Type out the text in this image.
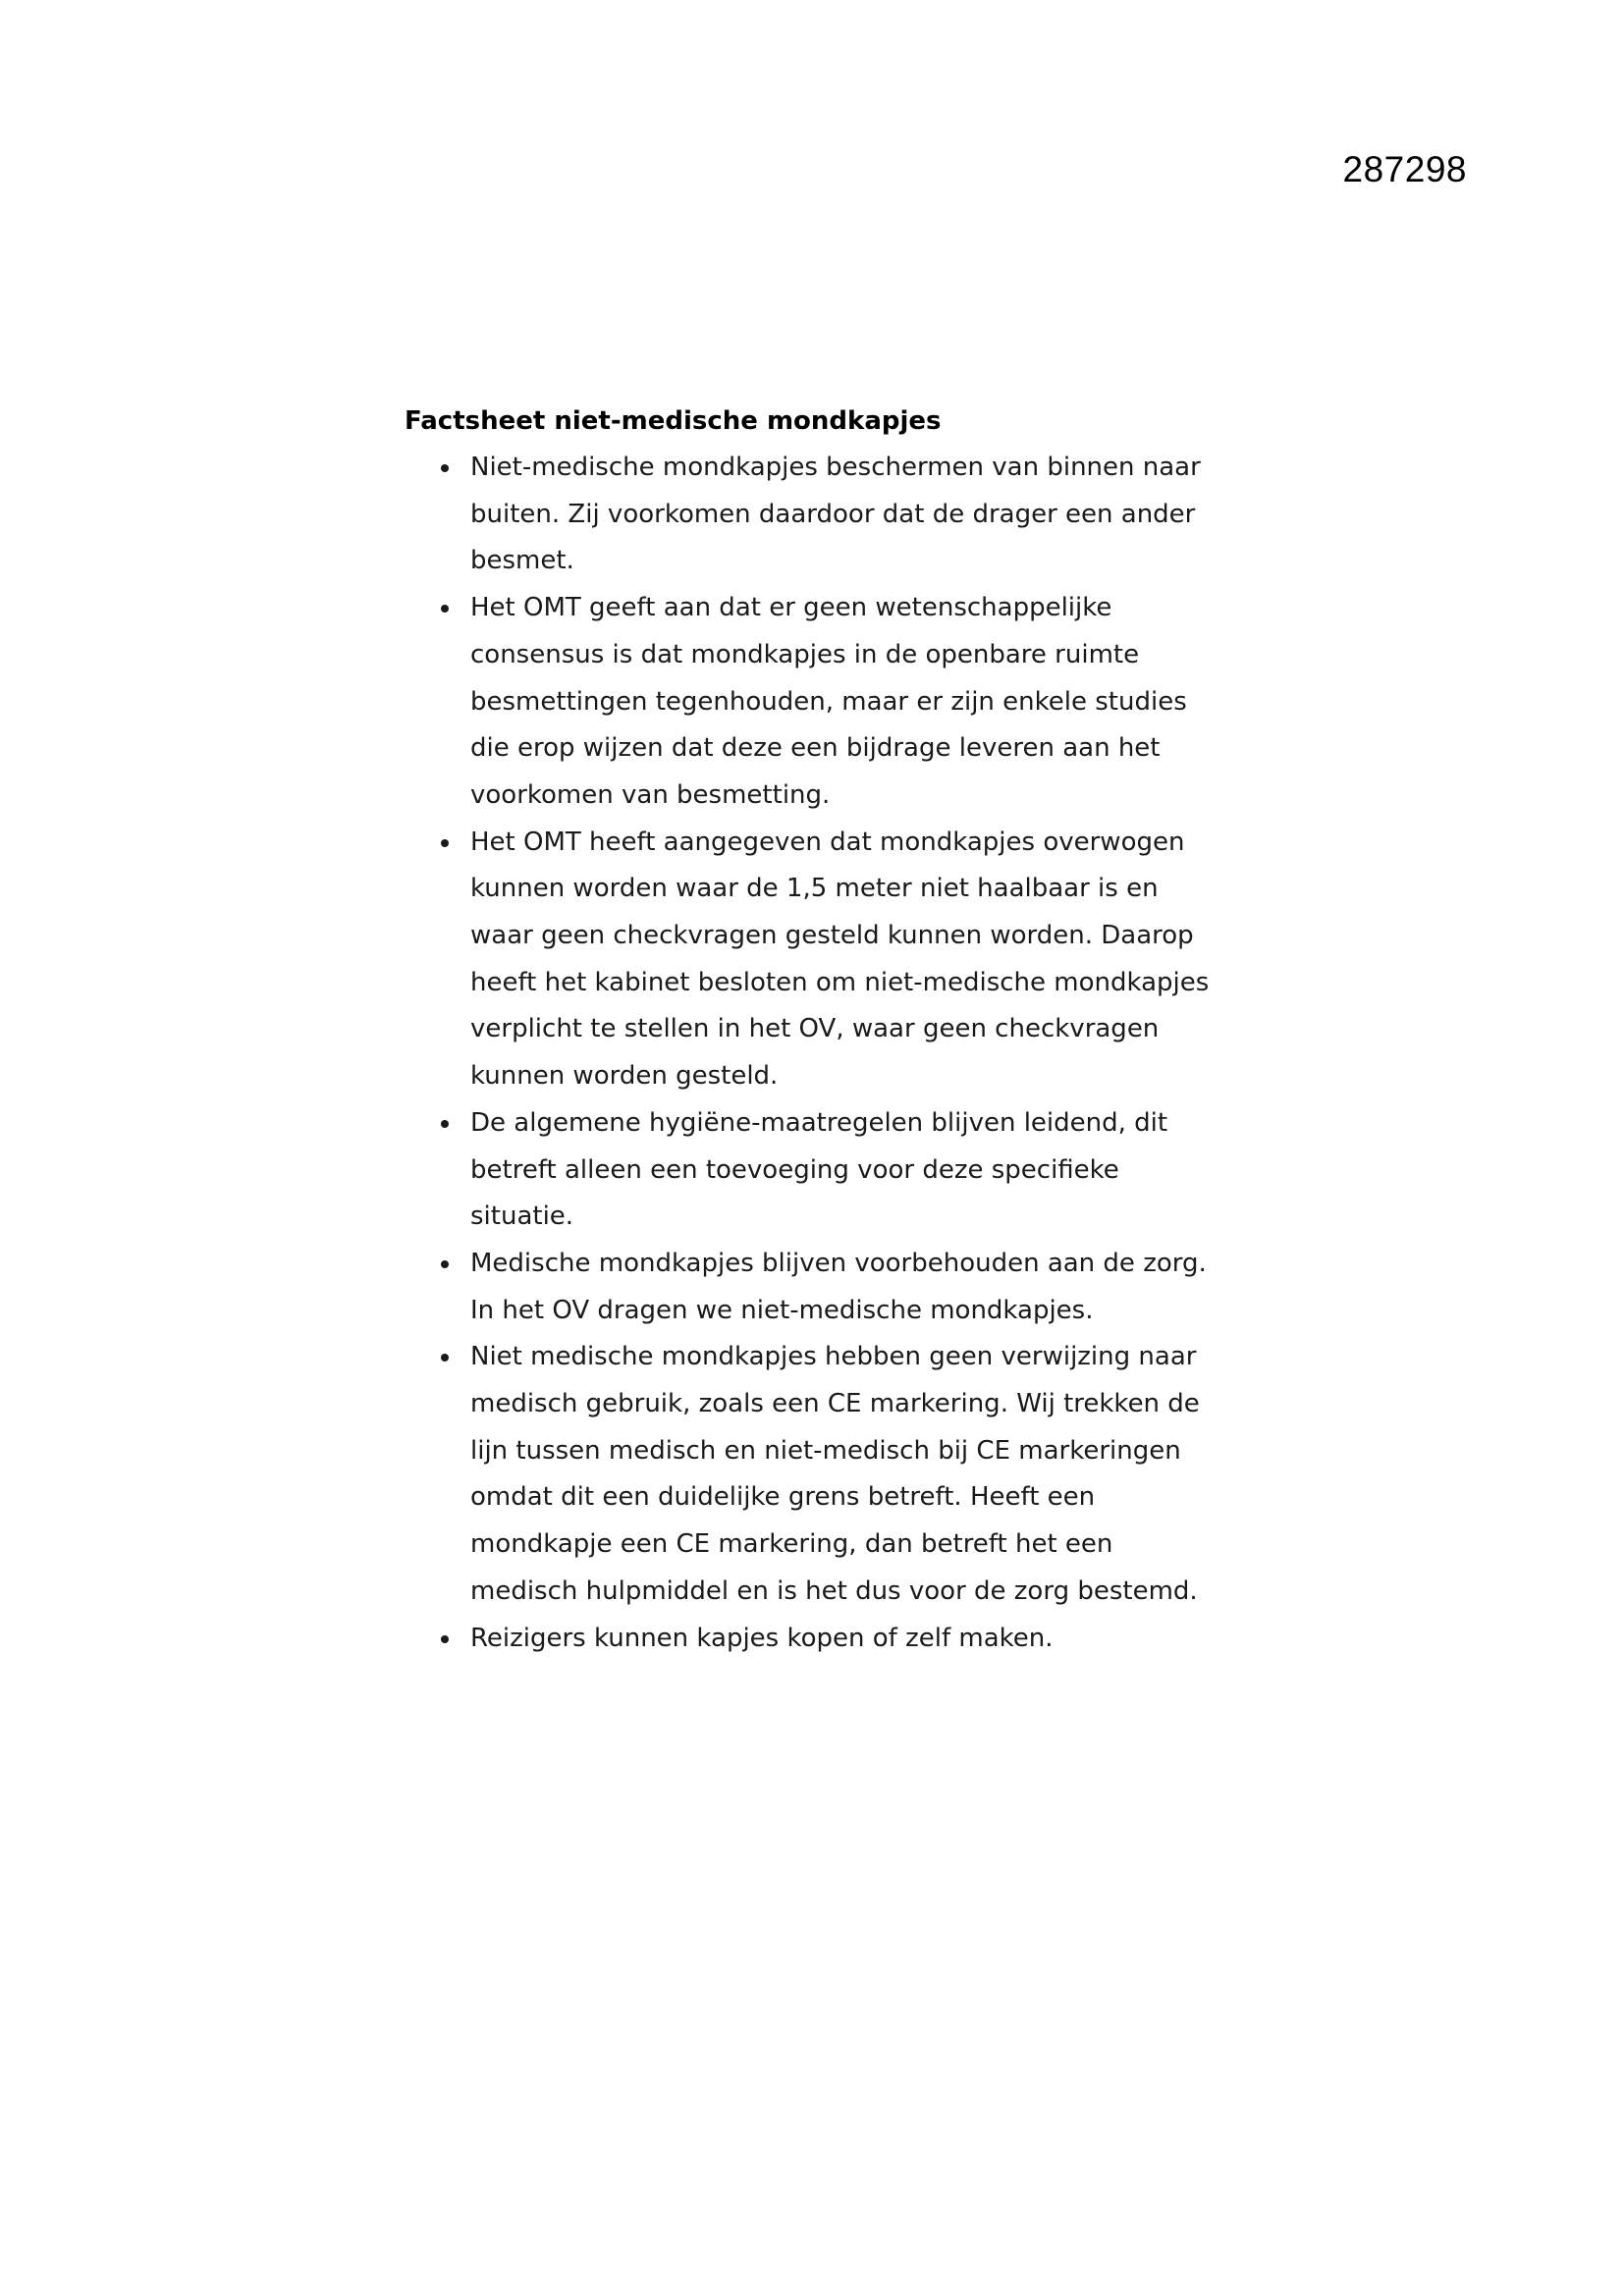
287298
Factsheet niet-medische mondkapjes
Niet-medische mondkapjes beschermen van binnen naar
buiten. Zij voorkomen daardoor dat de drager een ander
besmet.
Het OMT geeft aan dat er geen wetenschappelijke
consensus is dat mondkapjes in de openbare ruimte
besmettingen tegenhouden, maar er zijn enkele studies
die erop wijzen dat deze een bijdrage leveren aan het
voorkomen van besmetting.
Het OMT heeft aangegeven dat mondkapjes overwogen
kunnen worden waar de 1,5 meter niet haalbaar is en
waar geen checkvragen gesteld kunnen worden. Daarop
heeft het kabinet besloten om niet-medische mondkapjes
verplicht te stellen in het OV, waar geen checkvragen
kunnen worden gesteld.
De algemene hygiëne-maatregelen blijven leidend, dit
betreft alleen een toevoeging voor deze specifieke
situatie.
Medische mondkapjes blijven voorbehouden aan de zorg.
In het OV dragen we niet-medische mondkapjes.
Niet medische mondkapjes hebben geen verwijzing naar
medisch gebruik, zoals een CE markering. Wij trekken de
lijn tussen medisch en niet-medisch bij CE markeringen
omdat dit een duidelijke grens betreft. Heeft een
mondkapje een CE markering, dan betreft het een
medisch hulpmiddel en is het dus voor de zorg bestemd.
Reizigers kunnen kapjes kopen of zelf maken.
